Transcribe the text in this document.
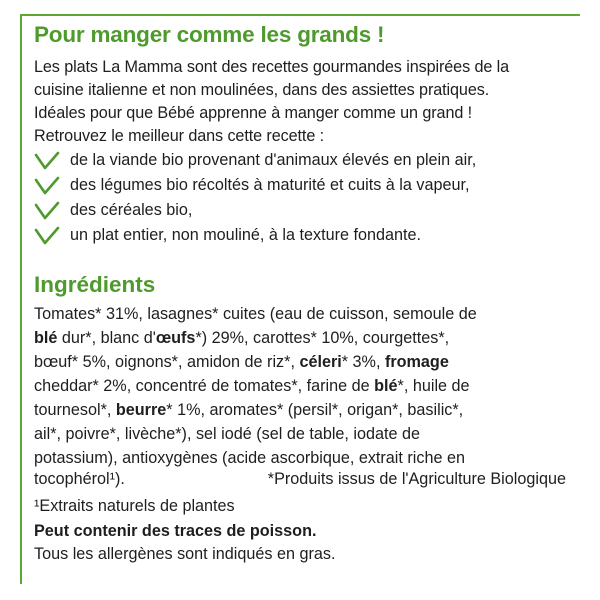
Pour manger comme les grands !

Les plats La Mamma sont des recettes gourmandes inspirées de la

cuisine italienne et non moulinées, dans des assiettes pratiques.

Idéales pour que Bébé apprenne à manger comme un grand !

Retrouvez le meilleur dans cette recette :

de la viande bio provenant d'animaux élevés en plein air,
des légumes bio récoltés à maturité et cuits à la vapeur,
des céréales bio,
un plat entier, non mouliné, à la texture fondante.
Ingrédients

Tomates* 31%, lasagnes* cuites (eau de cuisson, semoule de

blé dur*, blanc d'œufs*) 29%, carottes* 10%, courgettes*,

bœuf* 5%, oignons*, amidon de riz*, céleri* 3%, fromage

cheddar* 2%, concentré de tomates*, farine de blé*, huile de

tournesol*, beurre* 1%, aromates* (persil*, origan*, basilic*,

ail*, poivre*, livèche*), sel iodé (sel de table, iodate de

potassium), antioxygènes (acide ascorbique, extrait riche en

tocophérol¹).	*Produits issus de l'Agriculture Biologique

¹Extraits naturels de plantes

Peut contenir des traces de poisson.

Tous les allergènes sont indiqués en gras.
